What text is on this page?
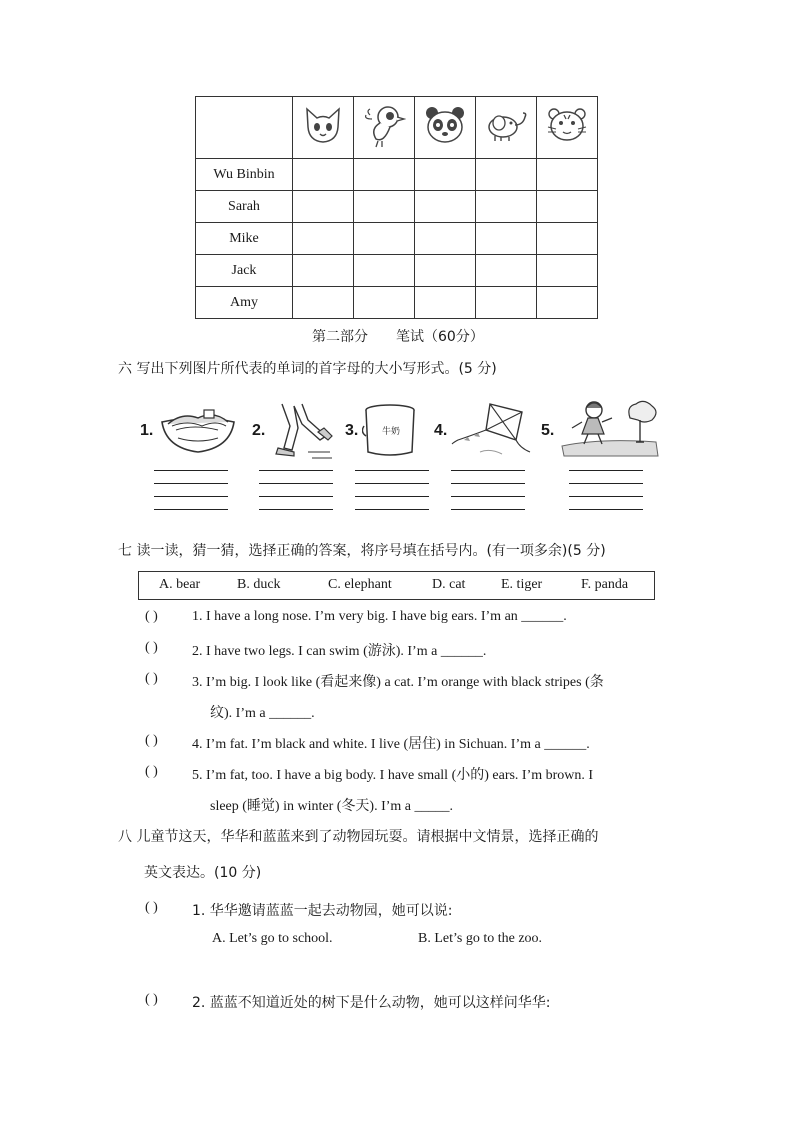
Wu Binbin					
Sarah					
Mike					
Jack					
Amy					
第二部分　　笔试（60分）
六 写出下列图片所代表的单词的首字母的大小写形式。(5 分)
1.	2.	3.	牛奶 4.	5.
七 读一读，猜一猜，选择正确的答案，将序号填在括号内。(有一项多余)(5 分)
A. bear	B. duck	C. elephant	D. cat	E. tiger	F. panda
( ) 1. I have a long nose. I’m very big. I have big ears. I’m an ______.
( ) 2. I have two legs. I can swim (游泳). I’m a ______.
( ) 3. I’m big. I look like (看起来像) a cat. I’m orange with black stripes (条
纹). I’m a ______.
( ) 4. I’m fat. I’m black and white. I live (居住) in Sichuan. I’m a ______.
( ) 5. I’m fat, too. I have a big body. I have small (小的) ears. I’m brown. I
sleep (睡觉) in winter (冬天). I’m a _____.
八 儿童节这天，华华和蓝蓝来到了动物园玩耍。请根据中文情景，选择正确的
英文表达。(10 分)
( ) 1. 华华邀请蓝蓝一起去动物园，她可以说:
A. Let’s go to school.	B. Let’s go to the zoo.
( ) 2. 蓝蓝不知道近处的树下是什么动物，她可以这样问华华:
